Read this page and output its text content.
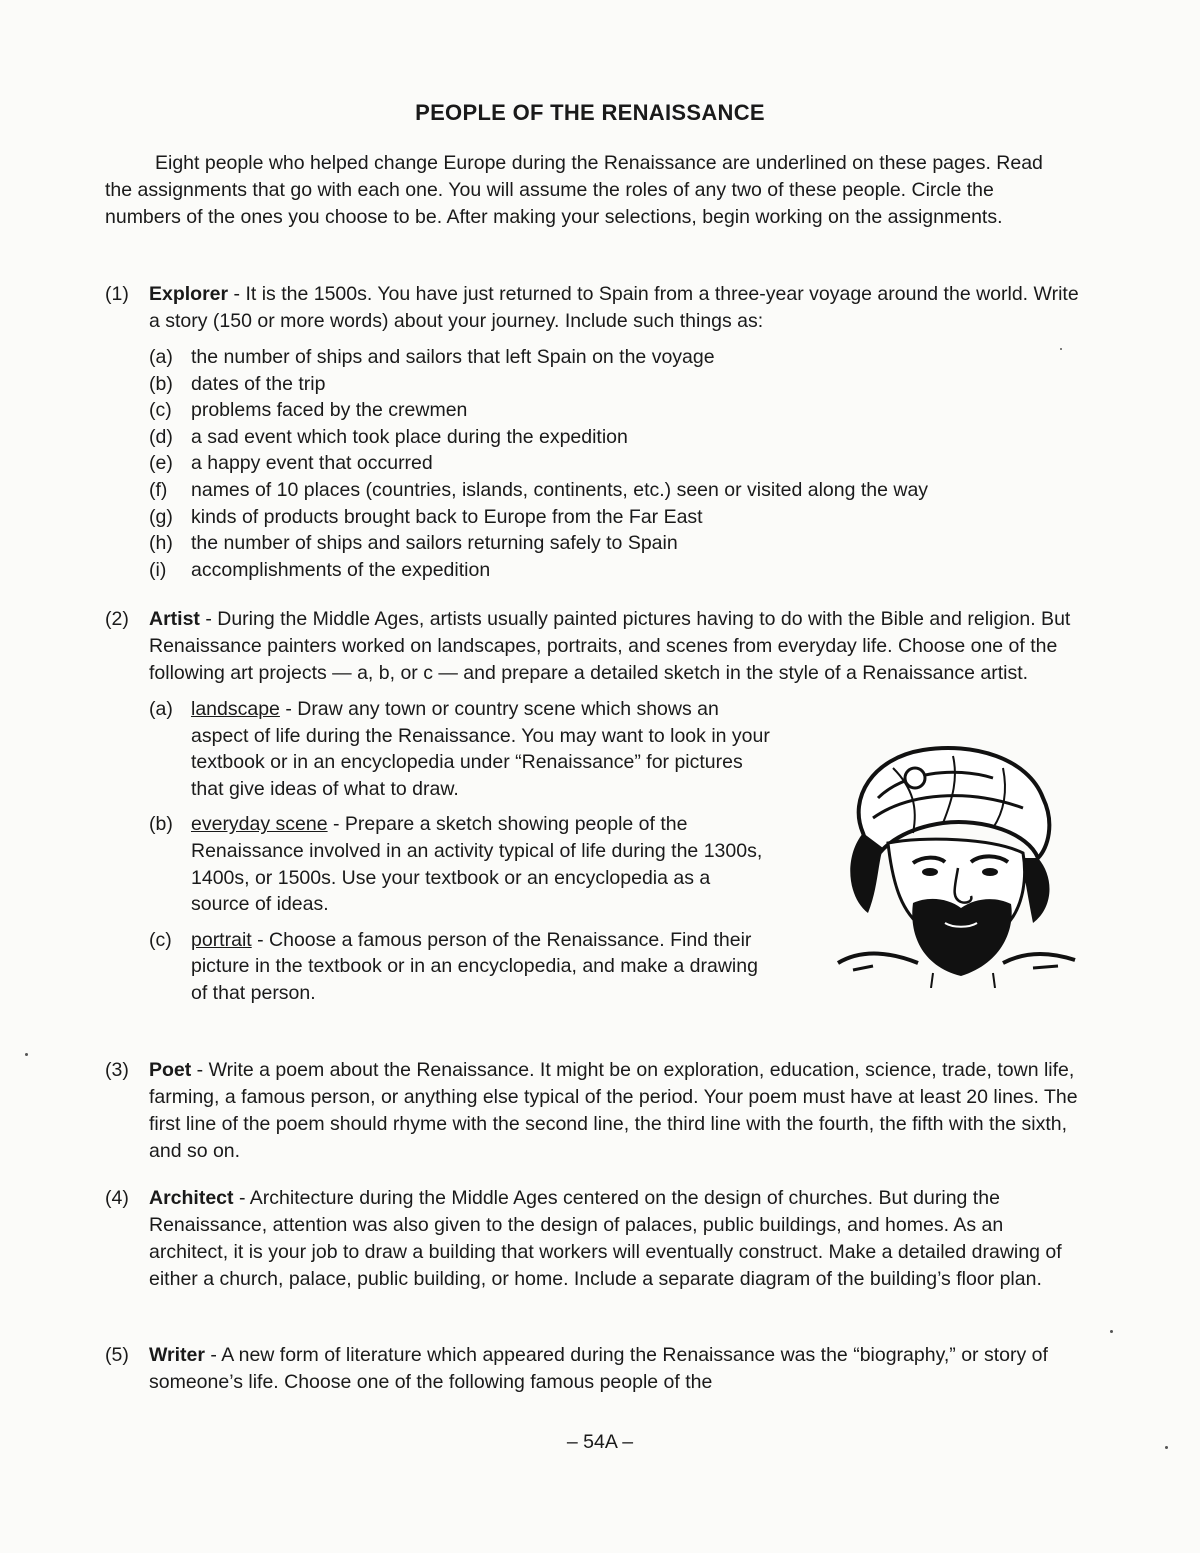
PEOPLE OF THE RENAISSANCE

Eight people who helped change Europe during the Renaissance are underlined on these pages. Read the assignments that go with each one. You will assume the roles of any two of these people. Circle the numbers of the ones you choose to be. After making your selections, begin working on the assignments.

(1)	Explorer - It is the 1500s. You have just returned to Spain from a three-year voyage around the world. Write a story (150 or more words) about your journey. Include such things as:
(a) the number of ships and sailors that left Spain on the voyage
(b) dates of the trip
(c) problems faced by the crewmen
(d) a sad event which took place during the expedition
(e) a happy event that occurred
(f) names of 10 places (countries, islands, continents, etc.) seen or visited along the way
(g) kinds of products brought back to Europe from the Far East
(h) the number of ships and sailors returning safely to Spain
(i) accomplishments of the expedition
(2)	Artist - During the Middle Ages, artists usually painted pictures having to do with the Bible and religion. But Renaissance painters worked on landscapes, portraits, and scenes from everyday life. Choose one of the following art projects — a, b, or c — and prepare a detailed sketch in the style of a Renaissance artist.
(a) landscape - Draw any town or country scene which shows an aspect of life during the Renaissance. You may want to look in your textbook or in an encyclopedia under “Renaissance” for pictures that give ideas of what to draw.
(b) everyday scene - Prepare a sketch showing people of the Renaissance involved in an activity typical of life during the 1300s, 1400s, or 1500s. Use your textbook or an encyclopedia as a source of ideas.
(c) portrait - Choose a famous person of the Renaissance. Find their picture in the textbook or in an encyclopedia, and make a drawing of that person.
(3)	Poet - Write a poem about the Renaissance. It might be on exploration, education, science, trade, town life, farming, a famous person, or anything else typical of the period. Your poem must have at least 20 lines. The first line of the poem should rhyme with the second line, the third line with the fourth, the fifth with the sixth, and so on.
(4)	Architect - Architecture during the Middle Ages centered on the design of churches. But during the Renaissance, attention was also given to the design of palaces, public buildings, and homes. As an architect, it is your job to draw a building that workers will eventually construct. Make a detailed drawing of either a church, palace, public building, or home. Include a separate diagram of the building’s floor plan.
(5)	Writer - A new form of literature which appeared during the Renaissance was the “biography,” or story of someone’s life. Choose one of the following famous people of the
– 54A –
